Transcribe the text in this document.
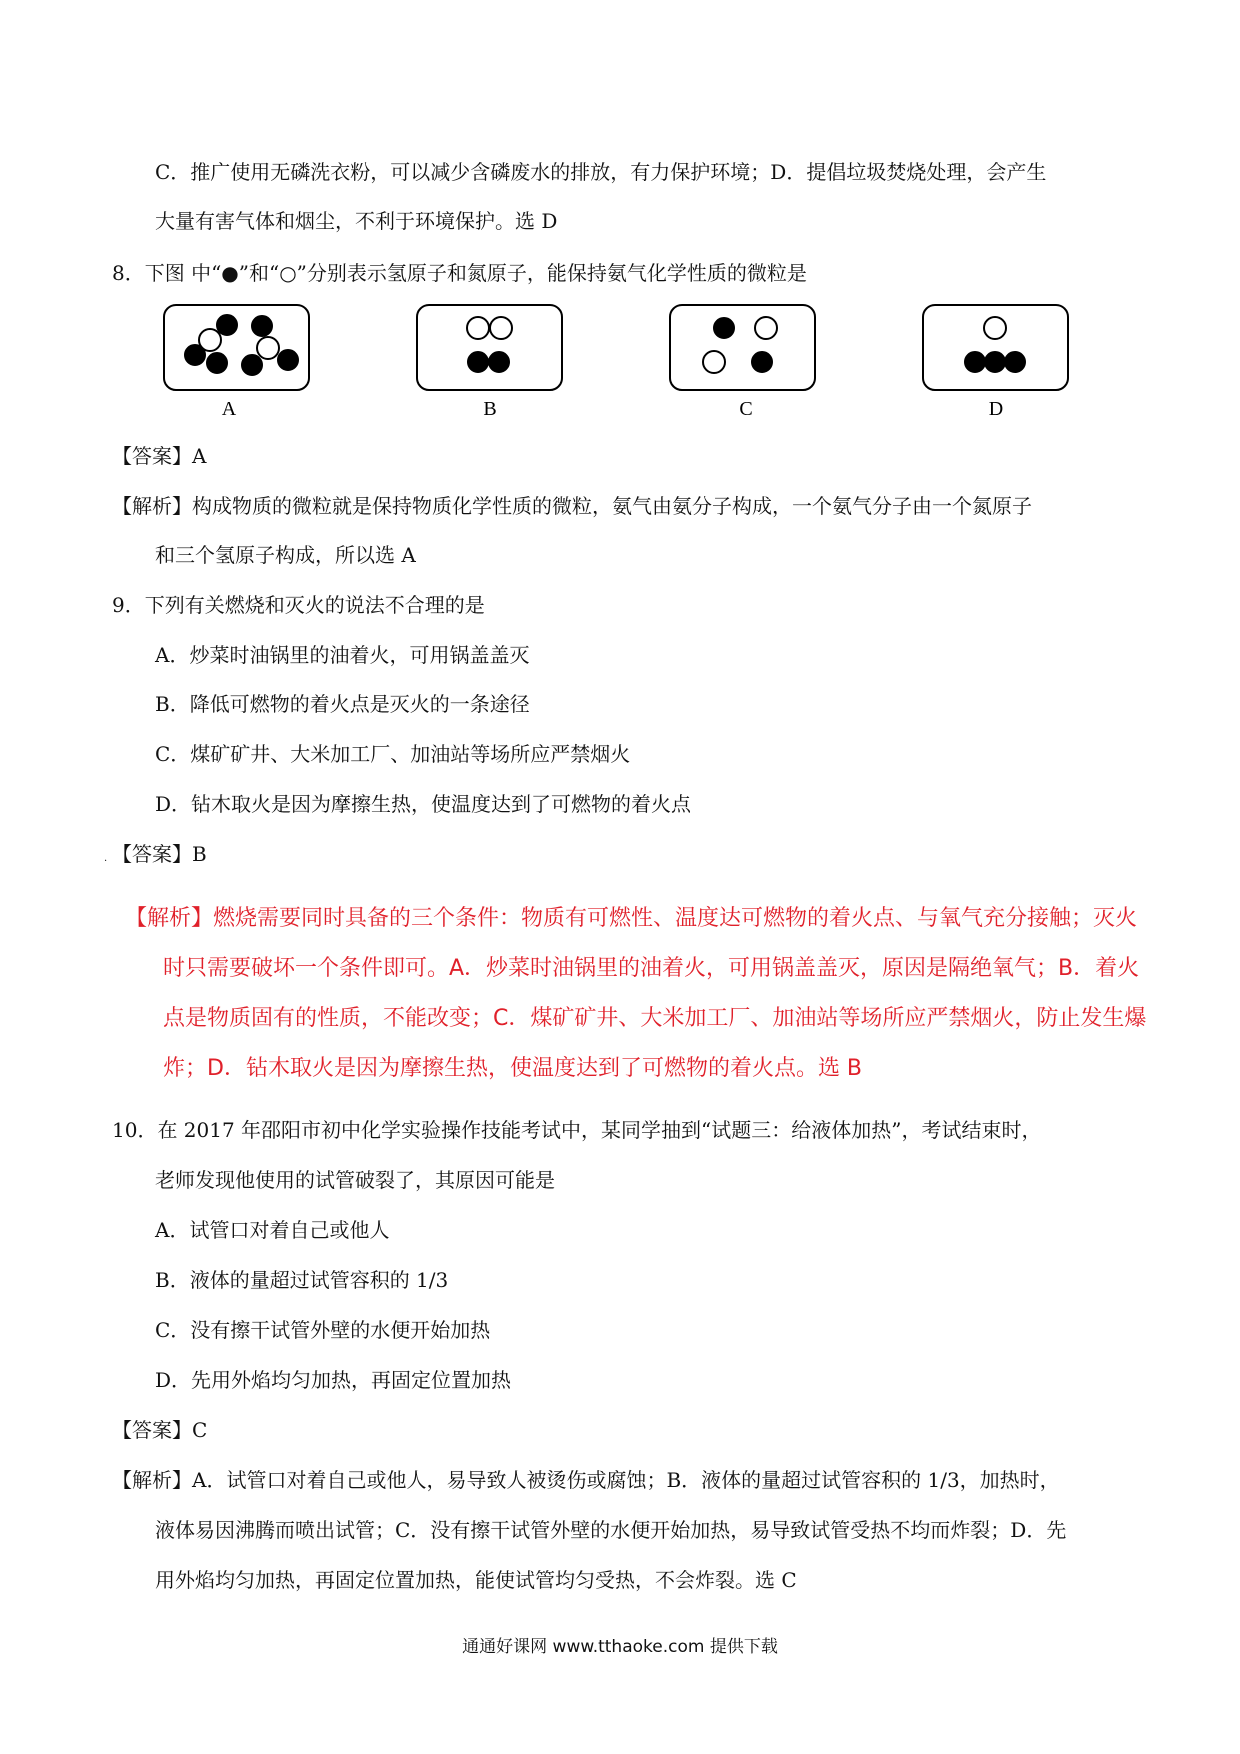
C．推广使用无磷洗衣粉，可以减少含磷废水的排放，有力保护环境；D．提倡垃圾焚烧处理，会产生
大量有害气体和烟尘，不利于环境保护。选 D
8．下图 中“●”和“○”分别表示氢原子和氮原子，能保持氨气化学性质的微粒是
A	B	C	D
【答案】A
【解析】构成物质的微粒就是保持物质化学性质的微粒，氨气由氨分子构成，一个氨气分子由一个氮原子
和三个氢原子构成，所以选 A
9．下列有关燃烧和灭火的说法不合理的是
A．炒菜时油锅里的油着火，可用锅盖盖灭
B．降低可燃物的着火点是灭火的一条途径
C．煤矿矿井、大米加工厂、加油站等场所应严禁烟火
D．钻木取火是因为摩擦生热，使温度达到了可燃物的着火点
. 【答案】B
【解析】燃烧需要同时具备的三个条件：物质有可燃性、温度达可燃物的着火点、与氧气充分接触；灭火
时只需要破坏一个条件即可。A．炒菜时油锅里的油着火，可用锅盖盖灭，原因是隔绝氧气；B．着火
点是物质固有的性质，不能改变；C．煤矿矿井、大米加工厂、加油站等场所应严禁烟火，防止发生爆
炸；D．钻木取火是因为摩擦生热，使温度达到了可燃物的着火点。选 B
10．在 2017 年邵阳市初中化学实验操作技能考试中，某同学抽到“试题三：给液体加热”，考试结束时，
老师发现他使用的试管破裂了，其原因可能是
A．试管口对着自己或他人
B．液体的量超过试管容积的 1/3
C．没有擦干试管外壁的水便开始加热
D．先用外焰均匀加热，再固定位置加热
【答案】C
【解析】A．试管口对着自己或他人，易导致人被烫伤或腐蚀；B．液体的量超过试管容积的 1/3，加热时，
液体易因沸腾而喷出试管；C．没有擦干试管外壁的水便开始加热，易导致试管受热不均而炸裂；D．先
用外焰均匀加热，再固定位置加热，能使试管均匀受热，不会炸裂。选 C
通通好课网 www.tthaoke.com 提供下载
